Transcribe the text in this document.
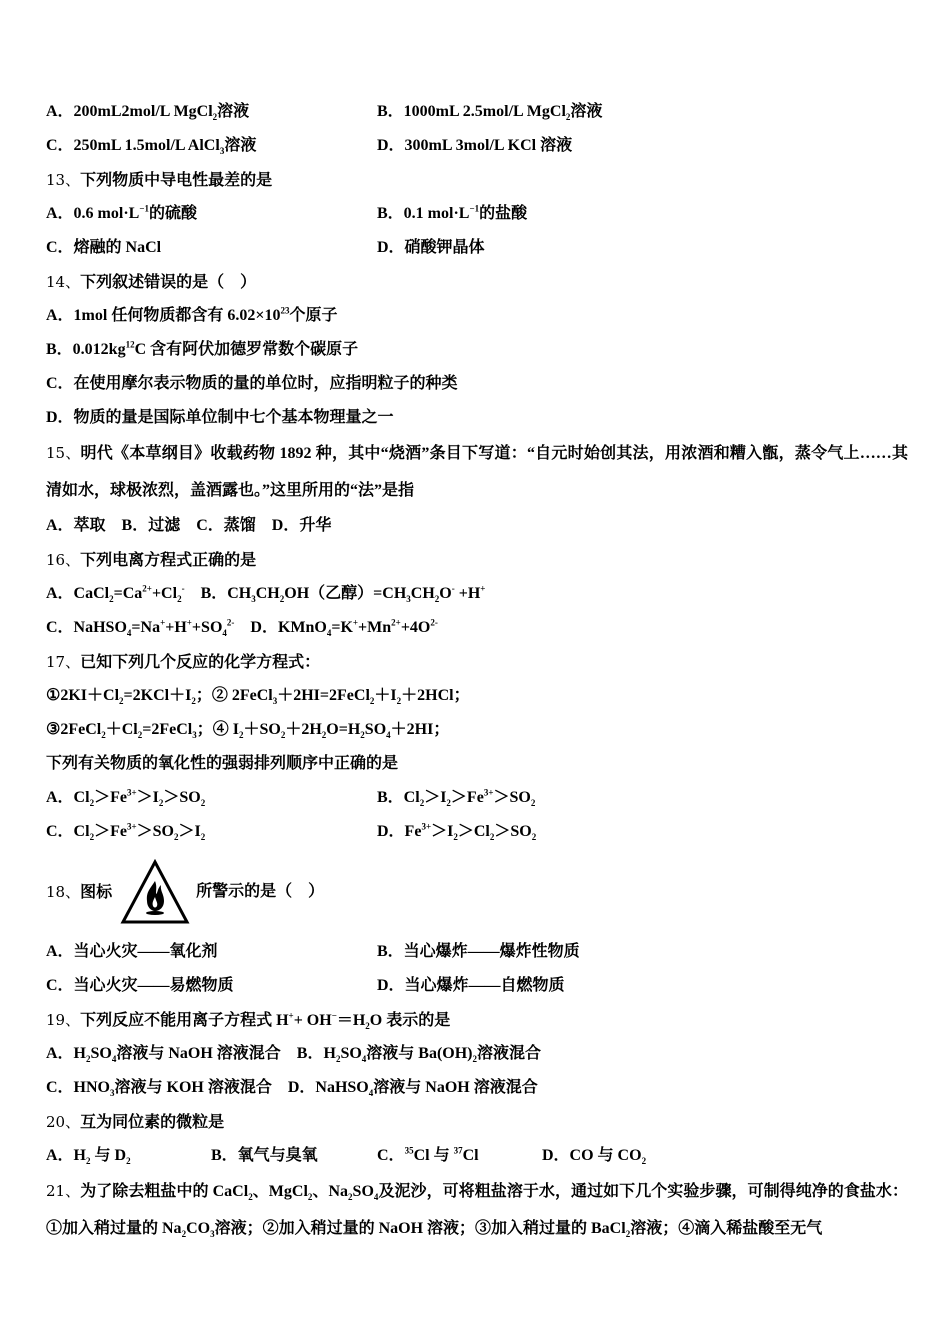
A．200mL2mol/L MgCl$_2$溶液	B．1000mL 2.5mol/L MgCl$_2$溶液
C．250mL 1.5mol/L AlCl$_3$溶液	D．300mL 3mol/L KCl 溶液
13、下列物质中导电性最差的是
A．0.6 $mol\cdot L^{-1}$的硫酸	B．0.1 $mol\cdot L^{-1}$的盐酸
C．熔融的 NaCl	D．硝酸钾晶体
14、下列叙述错误的是（　）
A．1mol 任何物质都含有 $6.02\times 10^{23}$个原子
B．$0.012kg^{12}C$ 含有阿伏加德罗常数个碳原子
C．在使用摩尔表示物质的量的单位时，应指明粒子的种类
D．物质的量是国际单位制中七个基本物理量之一
15、明代《本草纲目》收载药物 1892 种，其中“烧酒”条目下写道：“自元时始创其法，用浓酒和糟入甑，蒸令气上……其清如水，球极浓烈，盖酒露也。”这里所用的“法”是指
A．萃取　B．过滤　C．蒸馏　D．升华
16、下列电离方程式正确的是
A．$CaCl_2=Ca^{2+}+Cl_2^-$　B．$CH_3CH_2OH$（乙醇）$=CH_3CH_2O^- +H^+$
C．$NaHSO_4=Na^++H^++SO_4^{2-}$　D．$KMnO_4=K^++Mn^{2+}+4O^{2-}$
17、已知下列几个反应的化学方程式：
$①2KI+Cl_2=2KCl+I_2$；② $2FeCl_3+2HI=2FeCl_2+I_2+2HCl$；
$③2FeCl_2+Cl_2=2FeCl_3$；④ $I_2+SO_2+2H_2O=H_2SO_4+2HI$；
下列有关物质的氧化性的强弱排列顺序中正确的是
A．$Cl_2>Fe^{3+}>I_2>SO_2$	B．$Cl_2>I_2>Fe^{3+}>SO_2$
C．$Cl_2>Fe^{3+}>SO_2>I_2$	D．$Fe^{3+}>I_2>Cl_2>SO_2$
18、图标	所警示的是（　）
A．当心火灾——氧化剂	B．当心爆炸——爆炸性物质
C．当心火灾——易燃物质	D．当心爆炸——自燃物质
19、下列反应不能用离子方程式 $H^++ OH^-=H_2O$ 表示的是
A．$H_2SO_4$溶液与 NaOH 溶液混合　B．$H_2SO_4$溶液与 $Ba(OH)_2$溶液混合
C．$HNO_3$溶液与 KOH 溶液混合　D．NaHSO$_4$溶液与 NaOH 溶液混合
20、互为同位素的微粒是
A．$H_2$ 与 $D_2$	B．氧气与臭氧	C．$^{35}$Cl 与 $^{37}$Cl	D．CO 与 $CO_2$
21、为了除去粗盐中的 CaCl$_2$、MgCl$_2$、$Na_2SO_4$及泥沙，可将粗盐溶于水，通过如下几个实验步骤，可制得纯净的食盐水：①加入稍过量的 $Na_2CO_3$溶液；②加入稍过量的 NaOH 溶液；③加入稍过量的 BaCl$_2$溶液；④滴入稀盐酸至无气
